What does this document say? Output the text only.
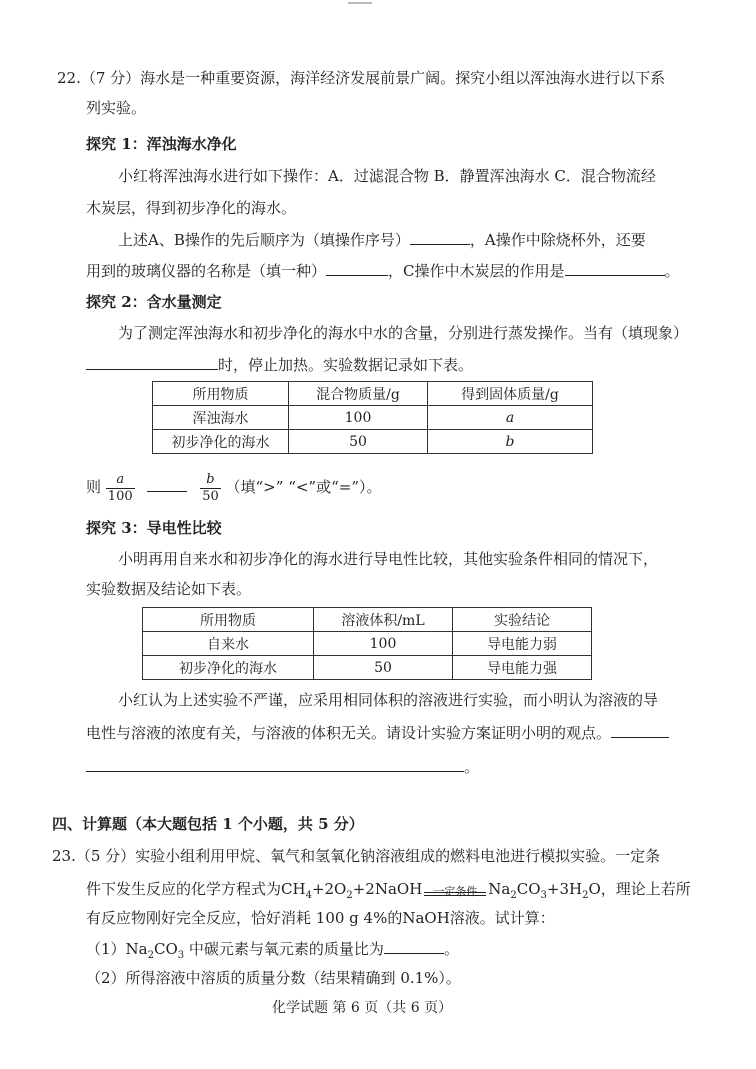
22.（7 分）海水是一种重要资源，海洋经济发展前景广阔。探究小组以浑浊海水进行以下系
列实验。
探究 1：浑浊海水净化
小红将浑浊海水进行如下操作：A．过滤混合物 B．静置浑浊海水 C．混合物流经
木炭层，得到初步净化的海水。
上述A、B操作的先后顺序为（填操作序号）	，A操作中除烧杯外，还要
用到的玻璃仪器的名称是（填一种）	，C操作中木炭层的作用是	。
探究 2：含水量测定
为了测定浑浊海水和初步净化的海水中水的含量，分别进行蒸发操作。当有（填现象）
时，停止加热。实验数据记录如下表。
所用物质	混合物质量/g	得到固体质量/g
浑浊海水	100	a
初步净化的海水	50	b
则 $\frac{a}{100}$
	$\frac{b}{50}$ （填“>” “<”或“=”）。
探究 3：导电性比较
小明再用自来水和初步净化的海水进行导电性比较，其他实验条件相同的情况下，
实验数据及结论如下表。
所用物质	溶液体积/mL	实验结论
自来水	100	导电能力弱
初步净化的海水	50	导电能力强
小红认为上述实验不严谨，应采用相同体积的溶液进行实验，而小明认为溶液的导
电性与溶液的浓度有关，与溶液的体积无关。请设计实验方案证明小明的观点。
。
四、计算题（本大题包括 1 个小题，共 5 分）
23.（5 分）实验小组利用甲烷、氧气和氢氧化钠溶液组成的燃料电池进行模拟实验。一定条
件下发生反应的化学方程式为$CH_4+2O_2+2NaOH$	一定条件 $Na_2CO_3+3H_2O$，理论上若所
有反应物刚好完全反应，恰好消耗 100 g 4%的NaOH溶液。试计算：
$(1)Na_2CO_3$ 中碳元素与氧元素的质量比为	。
（2）所得溶液中溶质的质量分数（结果精确到 0.1%）。
化学试题 第 6 页（共 6 页）
